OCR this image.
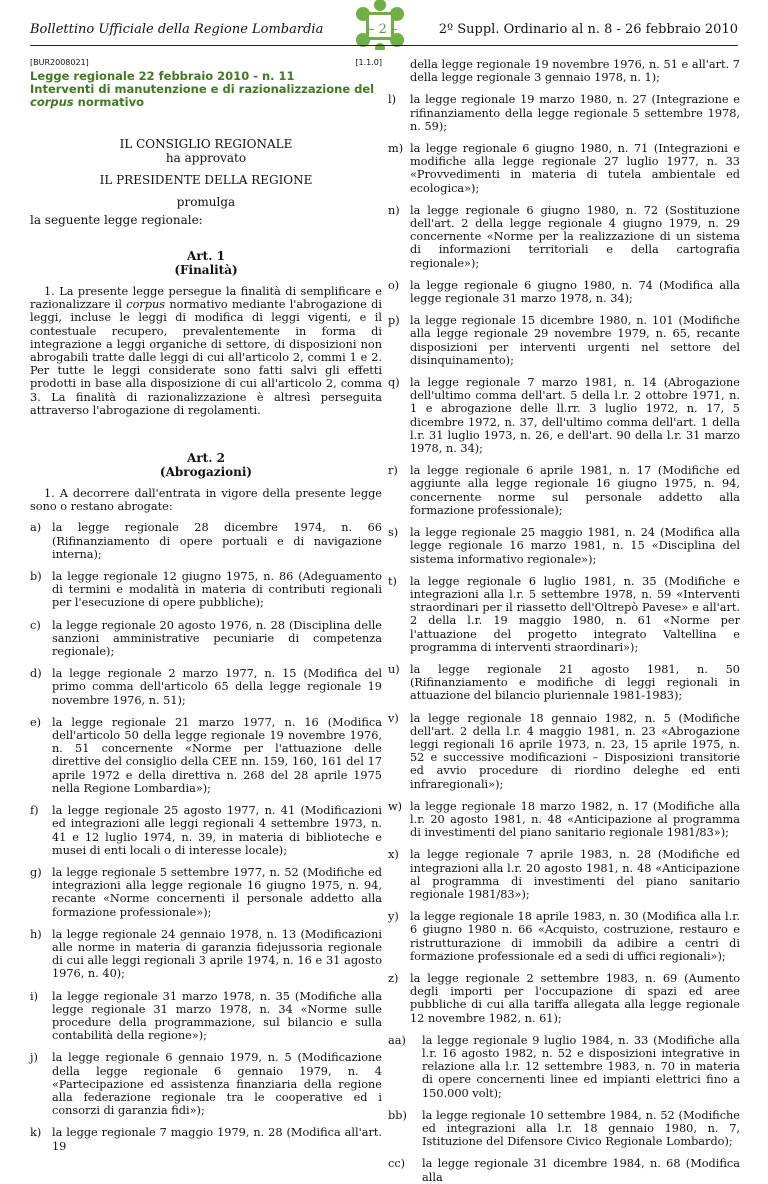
Bollettino Ufficiale della Regione Lombardia	– 2 –	2º Suppl. Ordinario al n. 8 - 26 febbraio 2010
[BUR2008021]	[1.1.0]

Legge regionale 22 febbraio 2010 - n. 11

Interventi di manutenzione e di razionalizzazione del corpus normativo

IL CONSIGLIO REGIONALE

ha approvato

IL PRESIDENTE DELLA REGIONE

promulga

la seguente legge regionale:

Art. 1

(Finalità)

1. La presente legge persegue la finalità di semplificare e razionalizzare il corpus normativo mediante l'abrogazione di leggi, incluse le leggi di modifica di leggi vigenti, e il contestuale recupero, prevalentemente in forma di integrazione a leggi organiche di settore, di disposizioni non abrogabili tratte dalle leggi di cui all'articolo 2, commi 1 e 2. Per tutte le leggi considerate sono fatti salvi gli effetti prodotti in base alla disposizione di cui all'articolo 2, comma 3. La finalità di razionalizzazione è altresì perseguita attraverso l'abrogazione di regolamenti.

Art. 2

(Abrogazioni)

1. A decorrere dall'entrata in vigore della presente legge sono o restano abrogate:

a) la legge regionale 28 dicembre 1974, n. 66 (Rifinanziamento di opere portuali e di navigazione interna);
b) la legge regionale 12 giugno 1975, n. 86 (Adeguamento di termini e modalità in materia di contributi regionali per l'esecuzione di opere pubbliche);
c) la legge regionale 20 agosto 1976, n. 28 (Disciplina delle sanzioni amministrative pecuniarie di competenza regionale);
d) la legge regionale 2 marzo 1977, n. 15 (Modifica del primo comma dell'articolo 65 della legge regionale 19 novembre 1976, n. 51);
e) la legge regionale 21 marzo 1977, n. 16 (Modifica dell'articolo 50 della legge regionale 19 novembre 1976, n. 51 concernente «Norme per l'attuazione delle direttive del consiglio della CEE nn. 159, 160, 161 del 17 aprile 1972 e della direttiva n. 268 del 28 aprile 1975 nella Regione Lombardia»);
f)	la legge regionale 25 agosto 1977, n. 41 (Modificazioni ed integrazioni alle leggi regionali 4 settembre 1973, n. 41 e 12 luglio 1974, n. 39, in materia di biblioteche e musei di enti locali o di interesse locale);
g) la legge regionale 5 settembre 1977, n. 52 (Modifiche ed integrazioni alla legge regionale 16 giugno 1975, n. 94, recante «Norme concernenti il personale addetto alla formazione professionale»);
h) la legge regionale 24 gennaio 1978, n. 13 (Modificazioni alle norme in materia di garanzia fidejussoria regionale di cui alle leggi regionali 3 aprile 1974, n. 16 e 31 agosto 1976, n. 40);
i)	la legge regionale 31 marzo 1978, n. 35 (Modifiche alla legge regionale 31 marzo 1978, n. 34 «Norme sulle procedure della programmazione, sul bilancio e sulla contabilità della regione»);
j)	la legge regionale 6 gennaio 1979, n. 5 (Modificazione della legge regionale 6 gennaio 1979, n. 4 «Partecipazione ed assistenza finanziaria della regione alla federazione regionale tra le cooperative ed i consorzi di garanzia fidi»);
k) la legge regionale 7 maggio 1979, n. 28 (Modifica all'art. 19

della legge regionale 19 novembre 1976, n. 51 e all'art. 7 della legge regionale 3 gennaio 1978, n. 1);

l)	la legge regionale 19 marzo 1980, n. 27 (Integrazione e rifinanziamento della legge regionale 5 settembre 1978, n. 59);
m) la legge regionale 6 giugno 1980, n. 71 (Integrazioni e modifiche alla legge regionale 27 luglio 1977, n. 33 «Provvedimenti in materia di tutela ambientale ed ecologica»);
n) la legge regionale 6 giugno 1980, n. 72 (Sostituzione dell'art. 2 della legge regionale 4 giugno 1979, n. 29 concernente «Norme per la realizzazione di un sistema di informazioni territoriali e della cartografia regionale»);
o) la legge regionale 6 giugno 1980, n. 74 (Modifica alla legge regionale 31 marzo 1978, n. 34);
p) la legge regionale 15 dicembre 1980, n. 101 (Modifiche alla legge regionale 29 novembre 1979, n. 65, recante disposizioni per interventi urgenti nel settore del disinquinamento);
q) la legge regionale 7 marzo 1981, n. 14 (Abrogazione dell'ultimo comma dell'art. 5 della l.r. 2 ottobre 1971, n. 1 e abrogazione delle ll.rr. 3 luglio 1972, n. 17, 5 dicembre 1972, n. 37, dell'ultimo comma dell'art. 1 della l.r. 31 luglio 1973, n. 26, e dell'art. 90 della l.r. 31 marzo 1978, n. 34);
r)	la legge regionale 6 aprile 1981, n. 17 (Modifiche ed aggiunte alla legge regionale 16 giugno 1975, n. 94, concernente norme sul personale addetto alla formazione professionale);
s)	la legge regionale 25 maggio 1981, n. 24 (Modifica alla legge regionale 16 marzo 1981, n. 15 «Disciplina del sistema informativo regionale»);
t)	la legge regionale 6 luglio 1981, n. 35 (Modifiche e integrazioni alla l.r. 5 settembre 1978, n. 59 «Interventi straordinari per il riassetto dell'Oltrepò Pavese» e all'art. 2 della l.r. 19 maggio 1980, n. 61 «Norme per l'attuazione del progetto integrato Valtellina e programma di interventi straordinari»);
u) la legge regionale 21 agosto 1981, n. 50 (Rifinanziamento e modifiche di leggi regionali in attuazione del bilancio pluriennale 1981-1983);
v) la legge regionale 18 gennaio 1982, n. 5 (Modifiche dell'art. 2 della l.r. 4 maggio 1981, n. 23 «Abrogazione leggi regionali 16 aprile 1973, n. 23, 15 aprile 1975, n. 52 e successive modificazioni – Disposizioni transitorie ed avvio procedure di riordino deleghe ed enti infraregionali»);
w) la legge regionale 18 marzo 1982, n. 17 (Modifiche alla l.r. 20 agosto 1981, n. 48 «Anticipazione al programma di investimenti del piano sanitario regionale 1981/83»);
x) la legge regionale 7 aprile 1983, n. 28 (Modifiche ed integrazioni alla l.r. 20 agosto 1981, n. 48 «Anticipazione al programma di investimenti del piano sanitario regionale 1981/83»);
y) la legge regionale 18 aprile 1983, n. 30 (Modifica alla l.r. 6 giugno 1980 n. 66 «Acquisto, costruzione, restauro e ristrutturazione di immobili da adibire a centri di formazione professionale ed a sedi di uffici regionali»);
z)	la legge regionale 2 settembre 1983, n. 69 (Aumento degli importi per l'occupazione di spazi ed aree pubbliche di cui alla tariffa allegata alla legge regionale 12 novembre 1982, n. 61);
aa)	la legge regionale 9 luglio 1984, n. 33 (Modifiche alla l.r. 16 agosto 1982, n. 52 e disposizioni integrative in relazione alla l.r. 12 settembre 1983, n. 70 in materia di opere concernenti linee ed impianti elettrici fino a 150.000 volt);
bb)	la legge regionale 10 settembre 1984, n. 52 (Modifiche ed integrazioni alla l.r. 18 gennaio 1980, n. 7, Istituzione del Difensore Civico Regionale Lombardo);
cc)	la legge regionale 31 dicembre 1984, n. 68 (Modifica alla
